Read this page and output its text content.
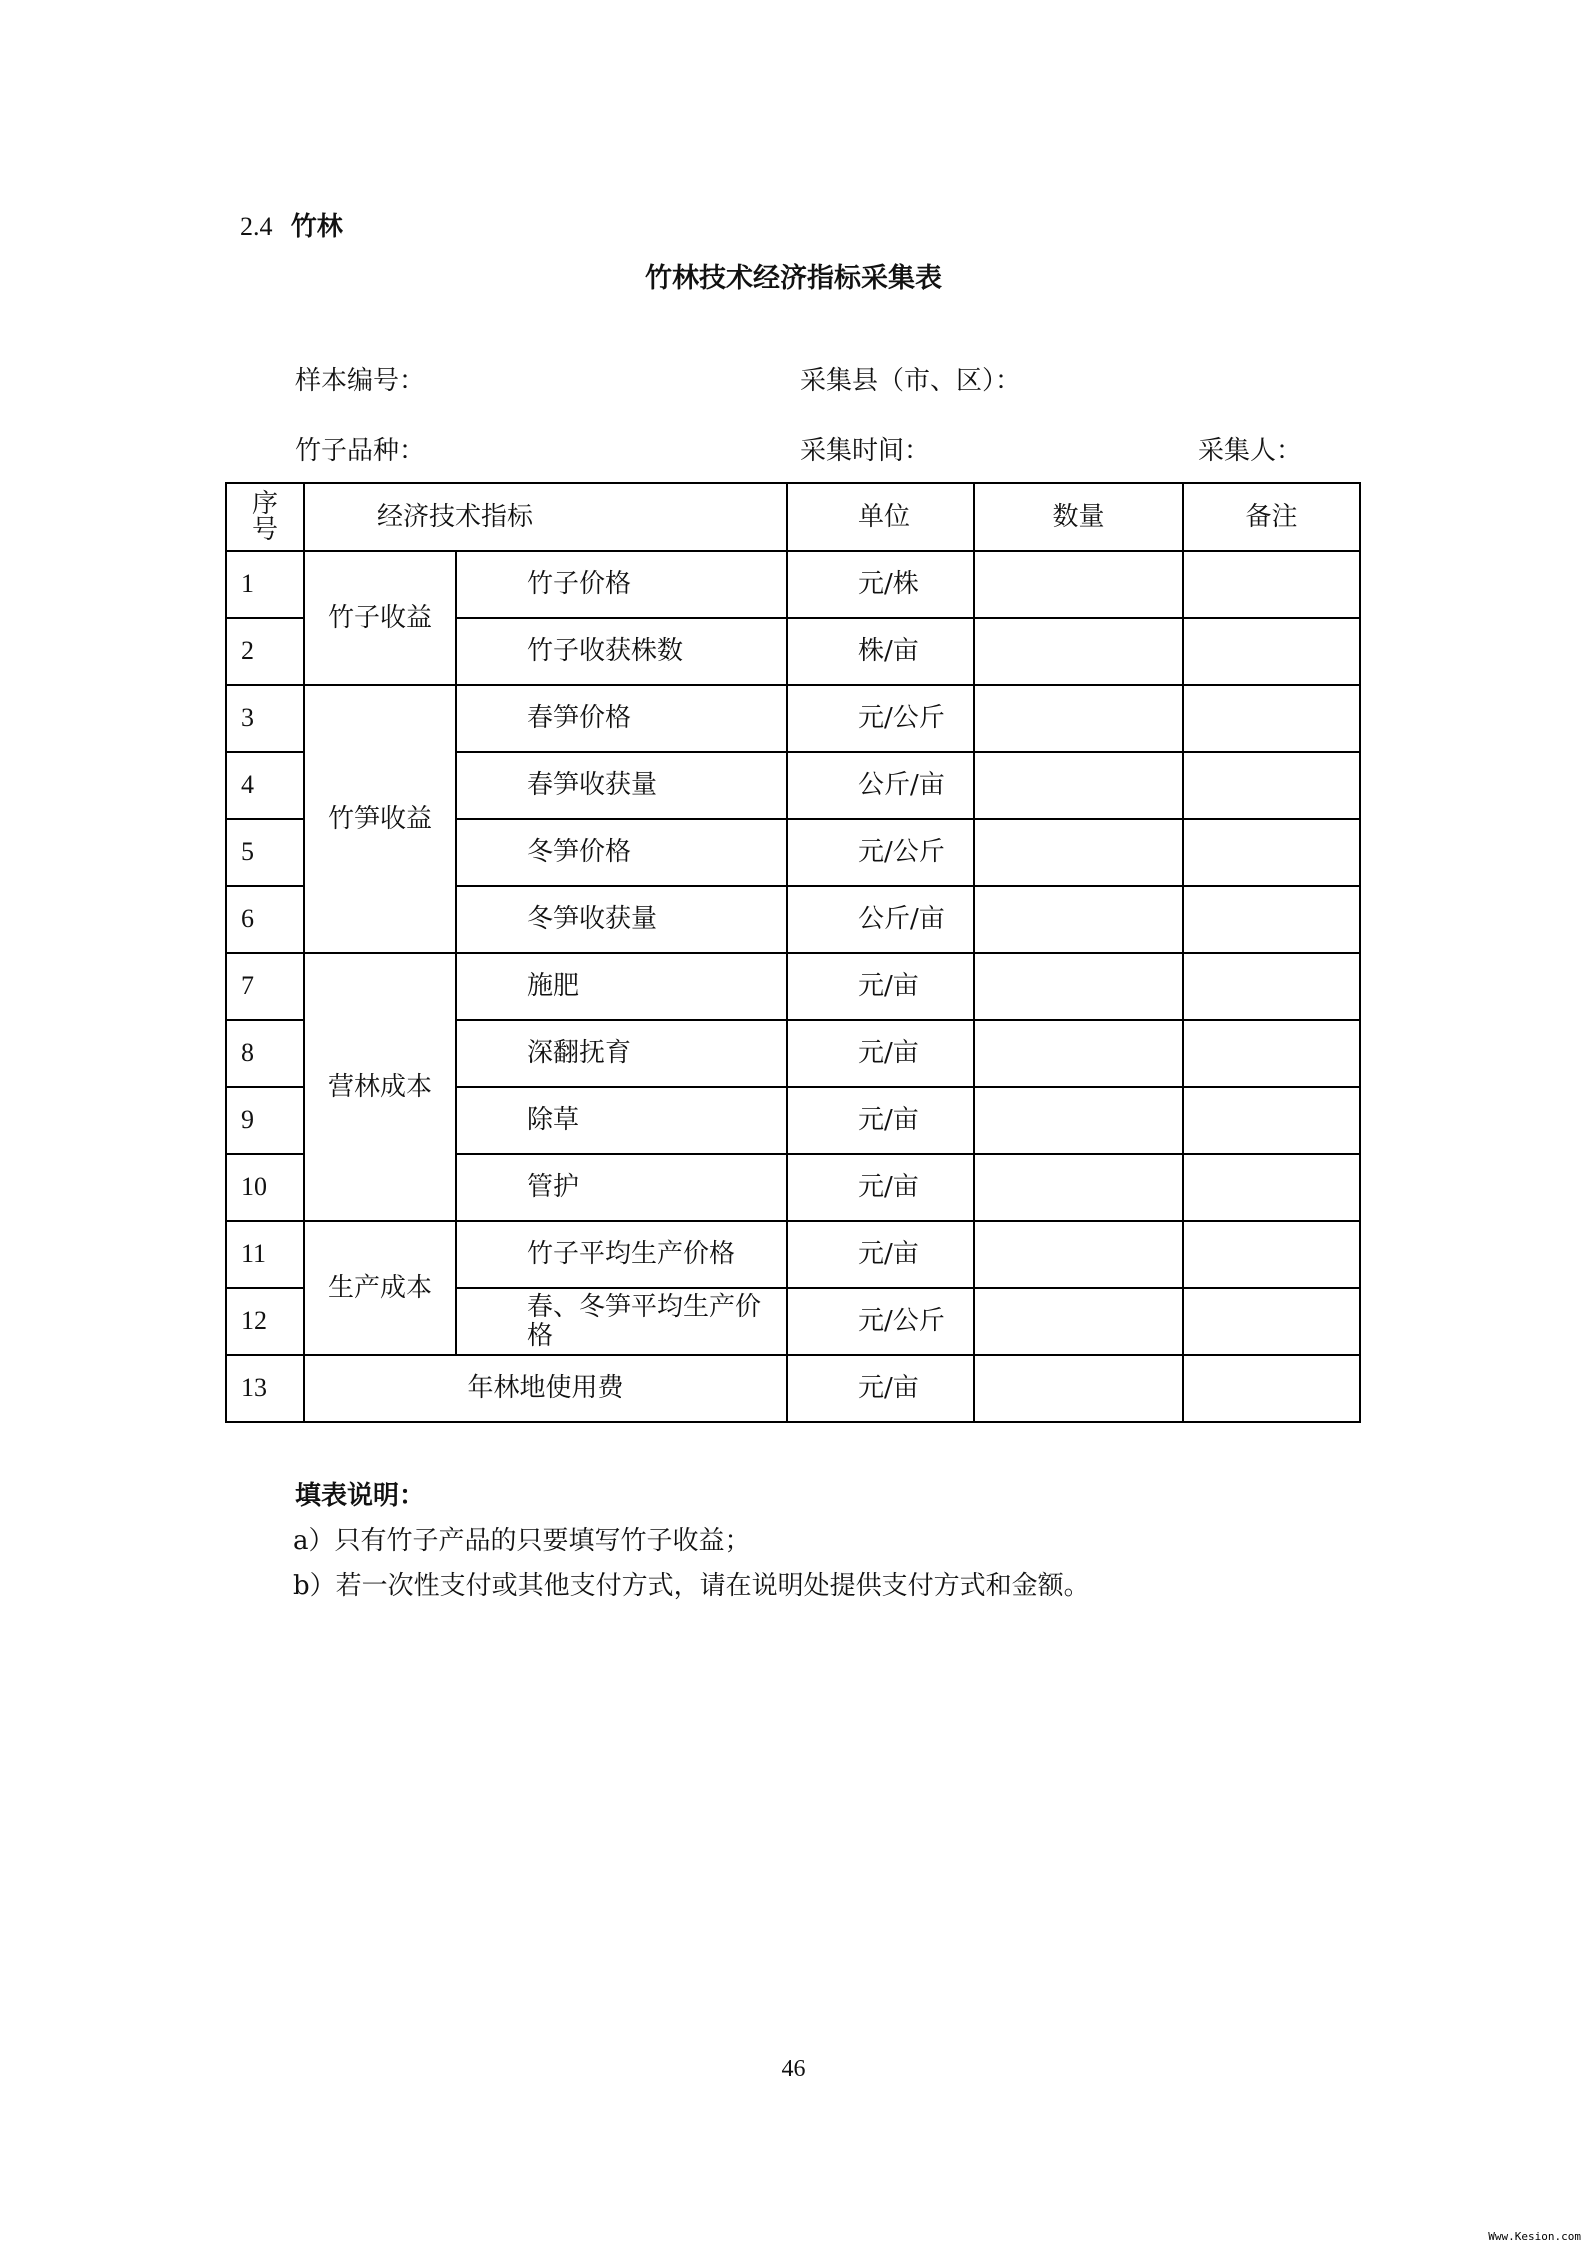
2.4 竹林
竹林技术经济指标采集表
样本编号：	采集县（市、区）：
竹子品种：	采集时间：	采集人：
序号	经济技术指标		单位	数量	备注
1	竹子收益	竹子价格	元/株		
2		竹子收获株数	株/亩		
3	竹笋收益	春笋价格	元/公斤		
4		春笋收获量	公斤/亩		
5		冬笋价格	元/公斤		
6		冬笋收获量	公斤/亩		
7	营林成本	施肥	元/亩		
8		深翻抚育	元/亩		
9		除草	元/亩		
10		管护	元/亩		
11	生产成本	竹子平均生产价格	元/亩		
12		春、冬笋平均生产价格	元/公斤		
13	年林地使用费		元/亩		
填表说明：
a）只有竹子产品的只要填写竹子收益；
b）若一次性支付或其他支付方式，请在说明处提供支付方式和金额。
46
Www.Kesion.com
